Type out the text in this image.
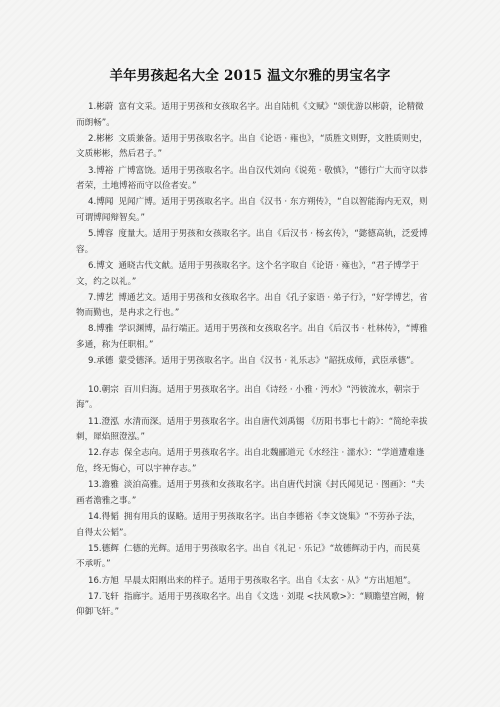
羊年男孩起名大全 2015 温文尔雅的男宝名字

1.彬蔚 富有文采。适用于男孩和女孩取名字。出自陆机《文赋》“颂优游以彬蔚，论精微而朗畅”。

2.彬彬 文质兼备。适用于男孩取名字。出自《论语 · 雍也》，“质胜文则野，文胜质则史，文质彬彬，然后君子。”

3.博裕 广博富饶。适用于男孩取名字。出自汉代刘向《说苑 · 敬慎》，“德行广大而守以恭者荣，土地博裕而守以俭者安。”

4.博闻 见闻广博。适用于男孩取名字。出自《汉书 · 东方朔传》，“自以智能海内无双，则可谓博闻辩智矣。”

5.博容 度量大。适用于男孩和女孩取名字。出自《后汉书 · 杨玄传》，“懿德高轨，泛爱博容。

6.博文 通晓古代文献。适用于男孩取名字。这个名字取自《论语 · 雍也》，“君子博学于文，约之以礼。”

7.博艺 博通艺文。适用于男孩和女孩取名字。出自《孔子家语 · 弟子行》，“好学博艺，省物而勤也，是冉求之行也。”

8.博雅 学识渊博，品行端正。适用于男孩和女孩取名字。出自《后汉书 · 杜林传》，“博雅多通，称为任职相。”

9.承德 蒙受德泽。适用于男孩取名字。出自《汉书 · 礼乐志》“韶抚成师，武臣承德”。

10.朝宗 百川归海。适用于男孩取名字。出自《诗经 · 小雅 · 沔水》“沔彼流水，朝宗于海”。

11.澄泓 水清而深。适用于男孩取名字。出自唐代刘禹锡 《历阳书事七十韵》：“简纶幸拔刺，犀焰照澄泓。”

12.存志 保全志向。适用于男孩取名字。出自北魏郦道元《水经注 · 濡水》：“学道遭难逢危，终无悔心，可以宇神存志。”

13.澹雅 淡泊高雅。适用于男孩和女孩取名字。出自唐代封演《封氏闻见记 · 图画》：“夫画者澹雅之事。”

14.得韬 拥有用兵的谋略。适用于男孩取名字。出自李德裕《李文饶集》“不劳孙子法，自得太公韬”。

15.德辉 仁德的光辉。适用于男孩取名字。出自《礼记 · 乐记》“故德辉动于内，而民莫不承听。”

16.方旭 早晨太阳刚出来的样子。适用于男孩取名字。出自《太玄 · 从》“方出旭旭”。

17.飞轩 指廊宇。适用于男孩取名字。出自《文选 · 刘琨 <扶风歌>》：“顾瞻望宫阙，俯仰御飞轩。”
